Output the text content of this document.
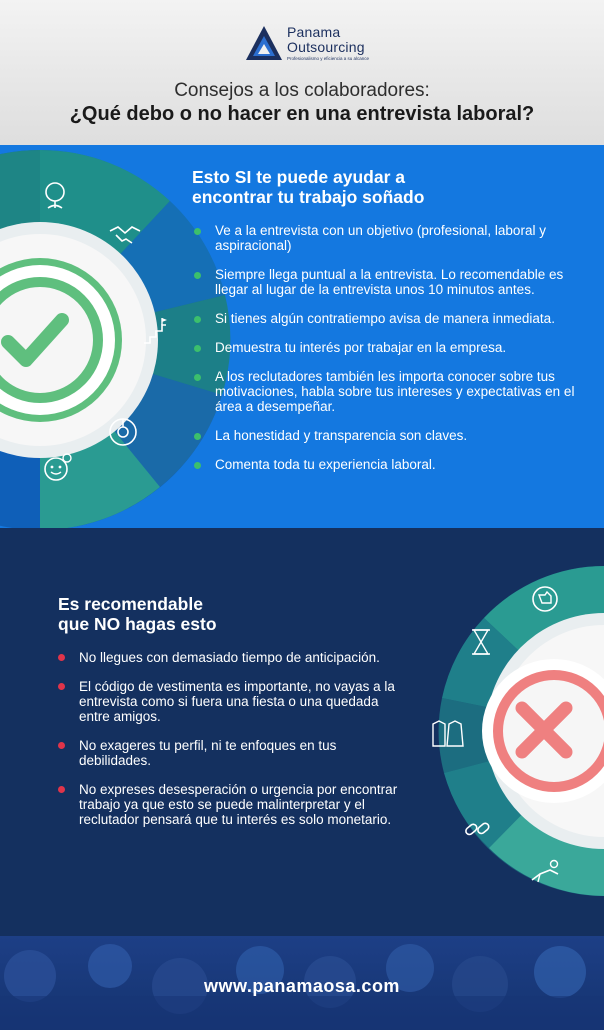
Panama
Outsourcing
Profesionalismo y eficiencia a su alcance
Consejos a los colaboradores:
¿Qué debo o no hacer en una entrevista laboral?
Esto SI te puede ayudar a
encontrar tu trabajo soñado
Ve a la entrevista con un objetivo (profesional, laboral y aspiracional)
Siempre llega puntual a la entrevista. Lo recomendable es llegar al lugar de la entrevista unos 10 minutos antes.
Si tienes algún contratiempo avisa de manera inmediata.
Demuestra tu interés por trabajar en la empresa.
A los reclutadores también les importa conocer sobre tus motivaciones, habla sobre tus intereses y expectativas en el área a desempeñar.
La honestidad y transparencia son claves.
Comenta toda tu experiencia laboral.
Es recomendable
que NO hagas esto
No llegues con demasiado tiempo de anticipación.
El código de vestimenta es importante, no vayas a la entrevista como si fuera una fiesta o una quedada entre amigos.
No exageres tu perfil, ni te enfoques en tus debilidades.
No expreses desesperación o urgencia por encontrar trabajo ya que esto se puede malinterpretar y el reclutador pensará que tu interés es solo monetario.
www.panamaosa.com
